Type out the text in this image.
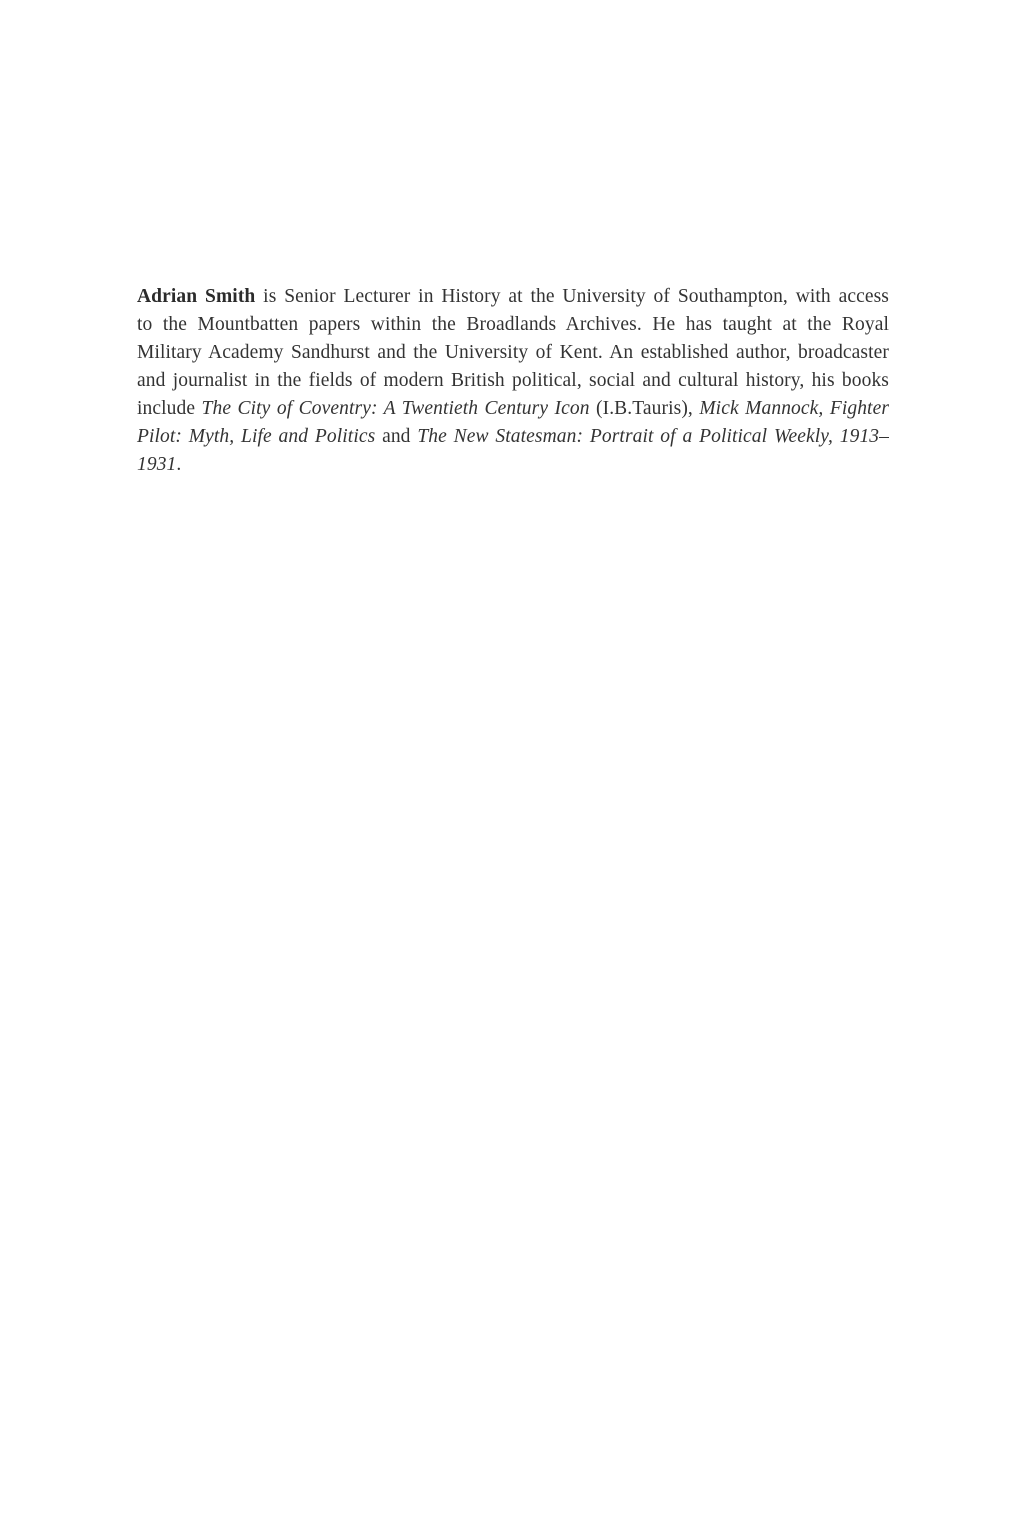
Adrian Smith is Senior Lecturer in History at the University of Southampton, with access to the Mountbatten papers within the Broadlands Archives. He has taught at the Royal Military Academy Sandhurst and the University of Kent. An established author, broadcaster and journalist in the fields of modern British political, social and cultural history, his books include The City of Coventry: A Twentieth Century Icon (I.B.Tauris), Mick Mannock, Fighter Pilot: Myth, Life and Politics and The New Statesman: Portrait of a Political Weekly, 1913–1931.
